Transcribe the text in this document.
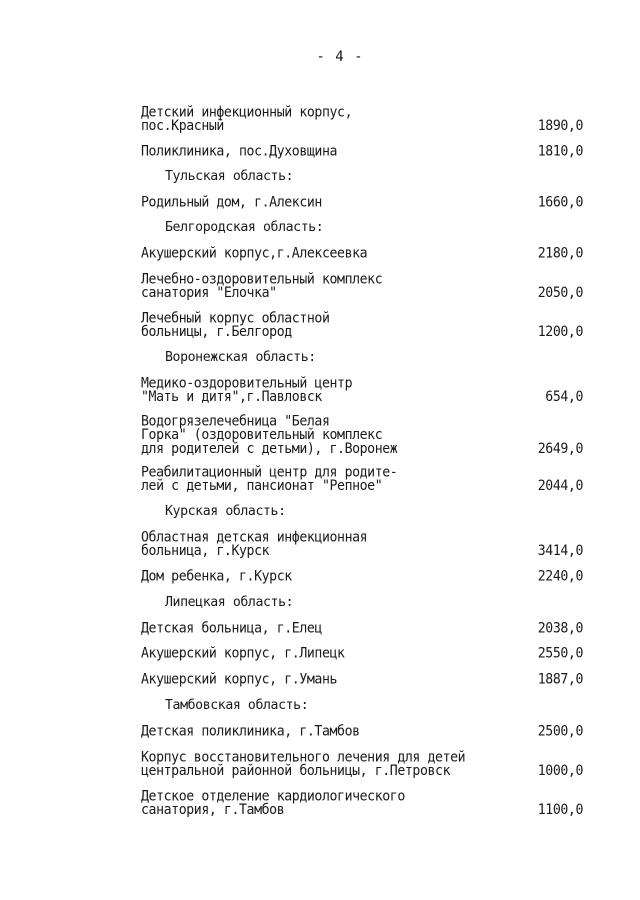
- 4 -
Детский инфекционный корпус,
пос.Красный	1890,0
Поликлиника, пос.Духовщина	1810,0
Тульская область:
Родильный дом, г.Алексин	1660,0
Белгородская область:
Акушерский корпус,г.Алексеевка	2180,0
Лечебно-оздоровительный комплекс
санатория "Елочка"	2050,0
Лечебный корпус областной
больницы, г.Белгород	1200,0
Воронежская область:
Медико-оздоровительный центр
"Мать и дитя",г.Павловск	654,0
Водогрязелечебница "Белая
Горка" (оздоровительный комплекс
для родителей с детьми), г.Воронеж	2649,0
Реабилитационный центр для родите-
лей с детьми, пансионат "Репное"	2044,0
Курская область:
Областная детская инфекционная
больница, г.Курск	3414,0
Дом ребенка, г.Курск	2240,0
Липецкая область:
Детская больница, г.Елец	2038,0
Акушерский корпус, г.Липецк	2550,0
Акушерский корпус, г.Умань	1887,0
Тамбовская область:
Детская поликлиника, г.Тамбов	2500,0
Корпус восстановительного лечения для детей
центральной районной больницы, г.Петровск	1000,0
Детское отделение кардиологического
санатория, г.Тамбов	1100,0
